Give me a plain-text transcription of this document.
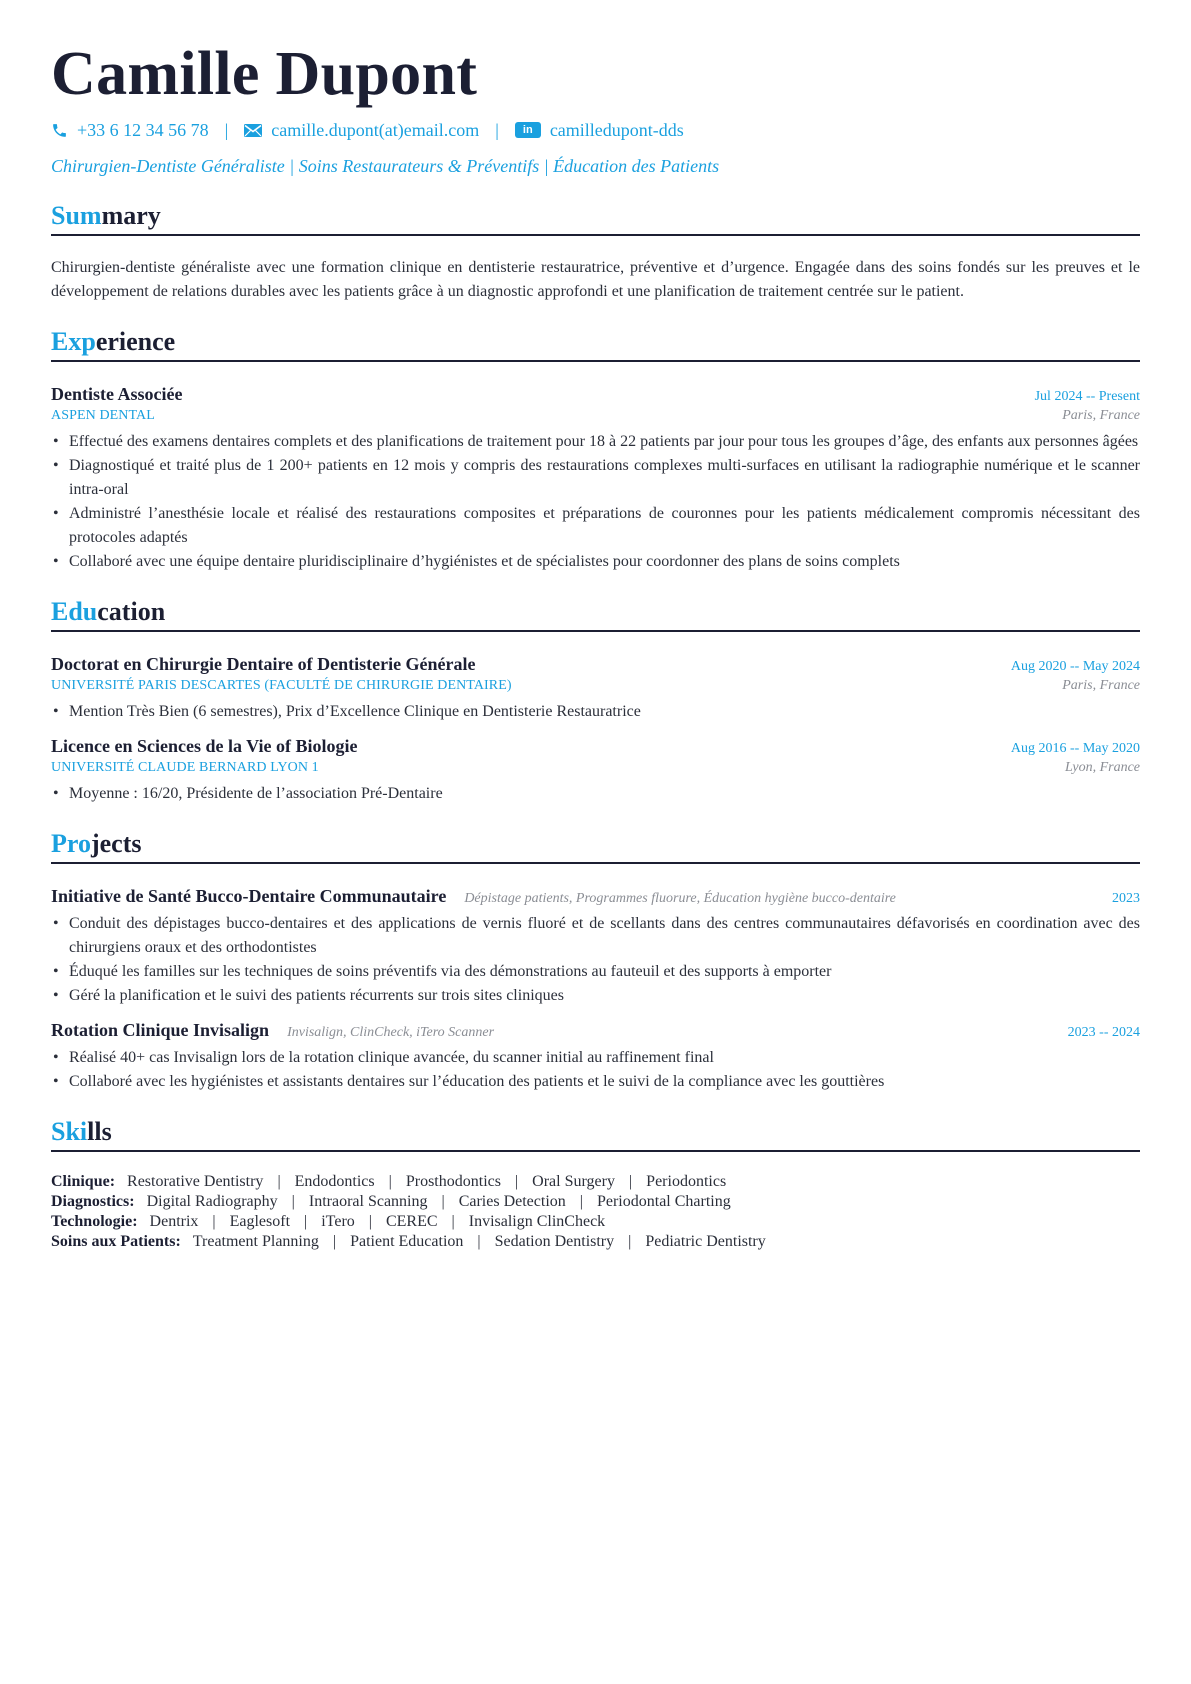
Camille Dupont
+33 6 12 34 56 78 | camille.dupont(at)email.com |	in camilledupont-dds
Chirurgien-Dentiste Généraliste | Soins Restaurateurs & Préventifs | Éducation des Patients
Summary
Chirurgien-dentiste généraliste avec une formation clinique en dentisterie restauratrice, préventive et d’urgence. Engagée dans des soins fondés sur les preuves et le développement de relations durables avec les patients grâce à un diagnostic approfondi et une planification de traitement centrée sur le patient.
Experience
Dentiste Associée	Jul 2024 -- Present
ASPEN DENTAL	Paris, France
• Effectué des examens dentaires complets et des planifications de traitement pour 18 à 22 patients par jour pour tous les groupes d’âge, des enfants aux personnes âgées
• Diagnostiqué et traité plus de 1 200+ patients en 12 mois y compris des restaurations complexes multi-surfaces en utilisant la radiographie numérique et le scanner intra-oral
• Administré l’anesthésie locale et réalisé des restaurations composites et préparations de couronnes pour les patients médicalement compromis nécessitant des protocoles adaptés
• Collaboré avec une équipe dentaire pluridisciplinaire d’hygiénistes et de spécialistes pour coordonner des plans de soins complets
Education
Doctorat en Chirurgie Dentaire of Dentisterie Générale	Aug 2020 -- May 2024
UNIVERSITÉ PARIS DESCARTES (FACULTÉ DE CHIRURGIE DENTAIRE)	Paris, France
• Mention Très Bien (6 semestres), Prix d’Excellence Clinique en Dentisterie Restauratrice
Licence en Sciences de la Vie of Biologie	Aug 2016 -- May 2020
UNIVERSITÉ CLAUDE BERNARD LYON 1	Lyon, France
• Moyenne : 16/20, Présidente de l’association Pré-Dentaire
Projects
Initiative de Santé Bucco-Dentaire Communautaire Dépistage patients, Programmes fluorure, Éducation hygiène bucco-dentaire	2023
• Conduit des dépistages bucco-dentaires et des applications de vernis fluoré et de scellants dans des centres communautaires défavorisés en coordination avec des chirurgiens oraux et des orthodontistes
• Éduqué les familles sur les techniques de soins préventifs via des démonstrations au fauteuil et des supports à emporter
• Géré la planification et le suivi des patients récurrents sur trois sites cliniques
Rotation Clinique Invisalign Invisalign, ClinCheck, iTero Scanner	2023 -- 2024
• Réalisé 40+ cas Invisalign lors de la rotation clinique avancée, du scanner initial au raffinement final
• Collaboré avec les hygiénistes et assistants dentaires sur l’éducation des patients et le suivi de la compliance avec les gouttières
Skills
Clinique: Restorative Dentistry | Endodontics | Prosthodontics | Oral Surgery | Periodontics
Diagnostics: Digital Radiography | Intraoral Scanning | Caries Detection | Periodontal Charting
Technologie: Dentrix | Eaglesoft | iTero | CEREC | Invisalign ClinCheck
Soins aux Patients: Treatment Planning | Patient Education | Sedation Dentistry | Pediatric Dentistry
